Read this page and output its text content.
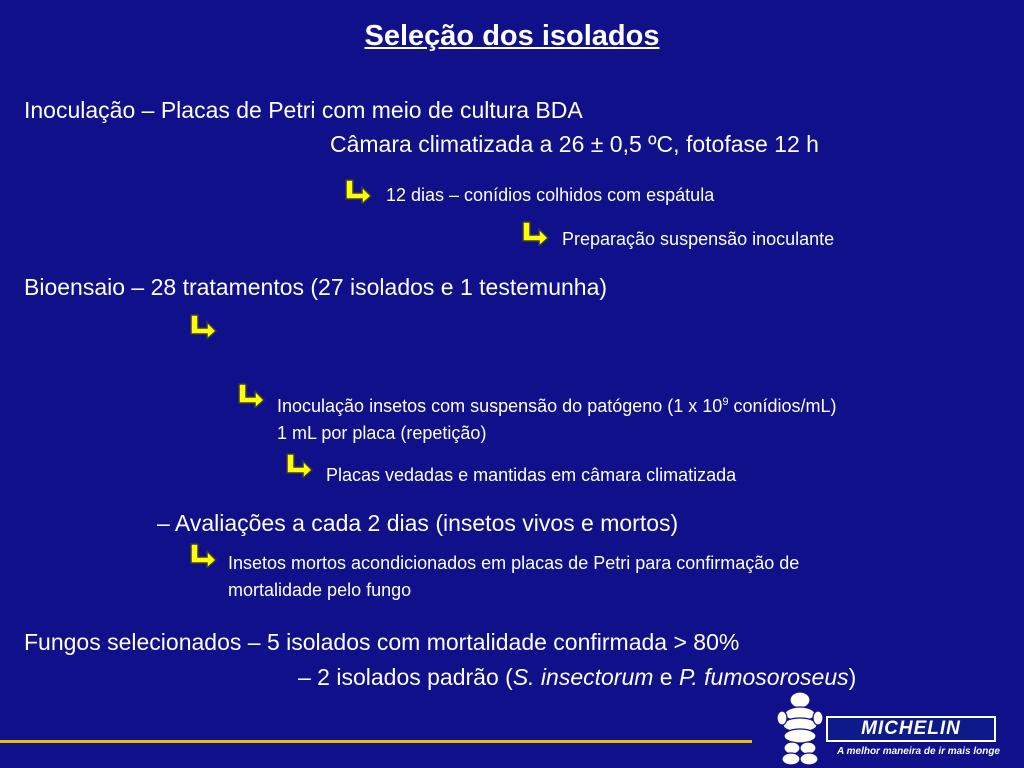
Seleção dos isolados
Inoculação – Placas de Petri com meio de cultura BDA
Câmara climatizada a 26 ± 0,5 ºC, fotofase 12 h
12 dias – conídios colhidos com espátula
Preparação suspensão inoculante
Bioensaio – 28 tratamentos (27 isolados e 1 testemunha)
Inoculação insetos com suspensão do patógeno (1 x $10^9$ conídios/mL)
1 mL por placa (repetição)
Placas vedadas e mantidas em câmara climatizada
– Avaliações a cada 2 dias (insetos vivos e mortos)
Insetos mortos acondicionados em placas de Petri para confirmação de
mortalidade pelo fungo
Fungos selecionados – 5 isolados com mortalidade confirmada > 80%
– 2 isolados padrão (S. insectorum e P. fumosoroseus)
MICHELIN
A melhor maneira de ir mais longe
